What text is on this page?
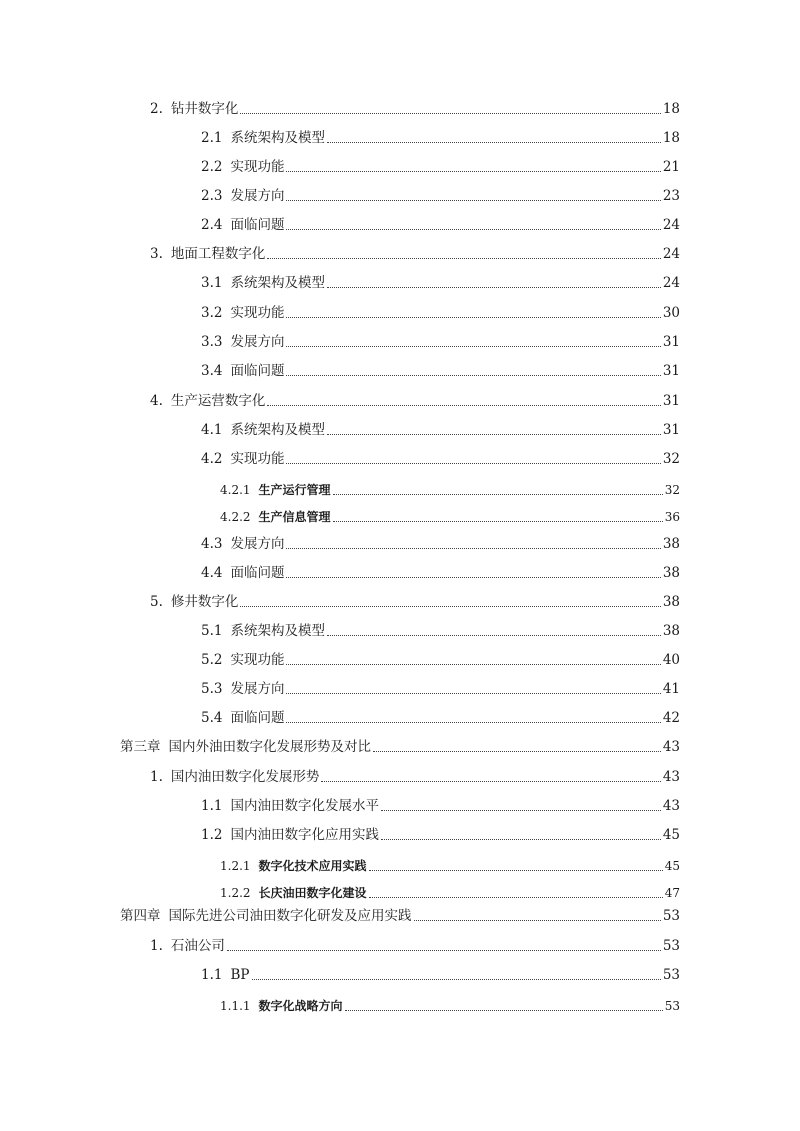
2. 钻井数字化	18
2.1 系统架构及模型	18
2.2 实现功能	21
2.3 发展方向	23
2.4 面临问题	24
3. 地面工程数字化	24
3.1 系统架构及模型	24
3.2 实现功能	30
3.3 发展方向	31
3.4 面临问题	31
4. 生产运营数字化	31
4.1 系统架构及模型	31
4.2 实现功能	32
4.2.1 生产运行管理	32
4.2.2 生产信息管理	36
4.3 发展方向	38
4.4 面临问题	38
5. 修井数字化	38
5.1 系统架构及模型	38
5.2 实现功能	40
5.3 发展方向	41
5.4 面临问题	42
第三章 国内外油田数字化发展形势及对比	43
1. 国内油田数字化发展形势	43
1.1 国内油田数字化发展水平	43
1.2 国内油田数字化应用实践	45
1.2.1 数字化技术应用实践	45
1.2.2 长庆油田数字化建设	47
第四章 国际先进公司油田数字化研发及应用实践	53
1. 石油公司	53
1.1 BP	53
1.1.1 数字化战略方向	53
